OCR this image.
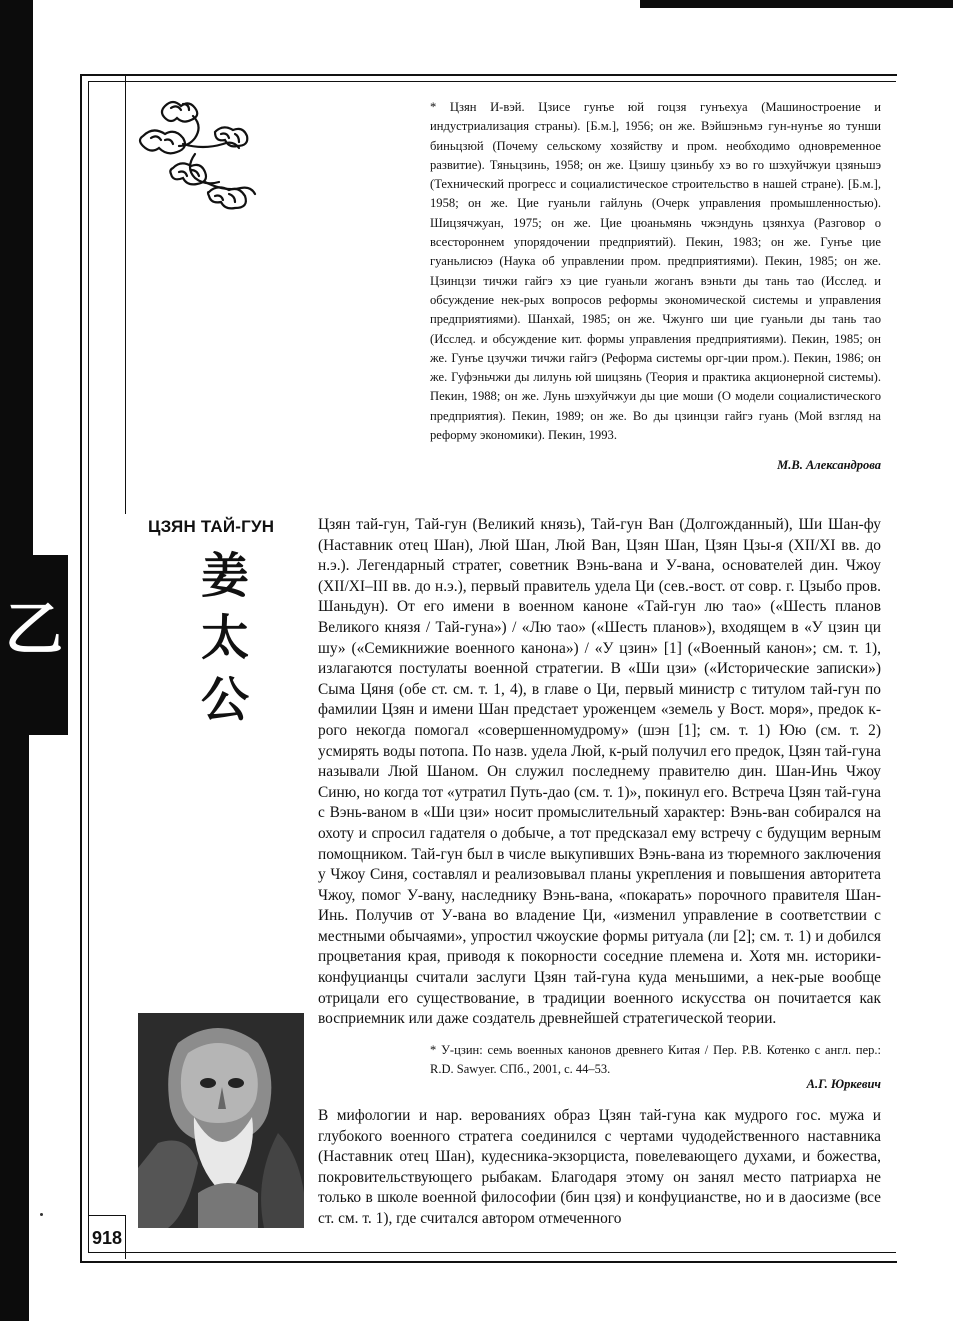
乙
918
* Цзян И-вэй. Цзисе гунъе юй гоцзя гунъехуа (Машиностроение и индустриализация страны). [Б.м.], 1956; он же. Вэйшэньмэ гун-нунъе яо тунши биньцзюй (Почему сельскому хозяйству и пром. необходимо одновременное развитие). Тяньцзинь, 1958; он же. Цзишу цзиньбу хэ во го шэхуйчжуи цзяньшэ (Технический прогресс и социалистическое строительство в нашей стране). [Б.м.], 1958; он же. Цие гуаньли гайлунь (Очерк управления промышленностью). Шицзячжуан, 1975; он же. Цие цюаньмянь чжэндунь цзянхуа (Разговор о всестороннем упорядочении предприятий). Пекин, 1983; он же. Гунъе цие гуаньлисюэ (Наука об управлении пром. предприятиями). Пекин, 1985; он же. Цзинцзи тичжи гайгэ хэ цие гуаньли жоганъ вэньти ды тань тао (Исслед. и обсуждение нек-рых вопросов реформы экономической системы и управления предприятиями). Шанхай, 1985; он же. Чжунго ши цие гуаньли ды тань тао (Исслед. и обсуждение кит. формы управления предприятиями). Пекин, 1985; он же. Гунъе цзучжи тичжи гайгэ (Реформа системы орг-ции пром.). Пекин, 1986; он же. Гуфэньчжи ды лилунь юй шицзянь (Теория и практика акционерной системы). Пекин, 1988; он же. Лунь шэхуйчжуи ды цие моши (О модели социалистического предприятия). Пекин, 1989; он же. Во ды цзинцзи гайгэ гуань (Мой взгляд на реформу экономики). Пекин, 1993.
М.В. Александрова
ЦЗЯН ТАЙ-ГУН
姜 太 公

Цзян тай-гун, Тай-гун (Великий князь), Тай-гун Ван (Долгожданный), Ши Шан-фу (Наставник отец Шан), Люй Шан, Люй Ван, Цзян Шан, Цзян Цзы-я (XII/XI вв. до н.э.). Легендарный стратег, советник Вэнь-вана и У-вана, основателей дин. Чжоу (XII/XI–III вв. до н.э.), первый правитель удела Ци (сев.-вост. от совр. г. Цзыбо пров. Шаньдун). От его имени в военном каноне «Тай-гун лю тао» («Шесть планов Великого князя / Тай-гуна») / «Лю тао» («Шесть планов»), входящем в «У цзин ци шу» («Семикнижие военного канона») / «У цзин» [1] («Военный канон»; см. т. 1), излагаются постулаты военной стратегии. В «Ши цзи» («Исторические записки») Сыма Цяня (обе ст. см. т. 1, 4), в главе о Ци, первый министр с титулом тай-гун по фамилии Цзян и имени Шан предстает уроженцем «земель у Вост. моря», предок к-рого некогда помогал «совершенномудрому» (шэн [1]; см. т. 1) Юю (см. т. 2) усмирять воды потопа. По назв. удела Люй, к-рый получил его предок, Цзян тай-гуна называли Люй Шаном. Он служил последнему правителю дин. Шан-Инь Чжоу Синю, но когда тот «утратил Путь-дао (см. т. 1)», покинул его. Встреча Цзян тай-гуна с Вэнь-ваном в «Ши цзи» носит промыслительный характер: Вэнь-ван собирался на охоту и спросил гадателя о добыче, а тот предсказал ему встречу с будущим верным помощником. Тай-гун был в числе выкупивших Вэнь-вана из тюремного заключения у Чжоу Синя, составлял и реализовывал планы укрепления и повышения авторитета Чжоу, помог У-вану, наследнику Вэнь-вана, «покарать» порочного правителя Шан-Инь. Получив от У-вана во владение Ци, «изменил управление в соответствии с местными обычаями», упростил чжоуские формы ритуала (ли [2]; см. т. 1) и добился процветания края, приводя к покорности соседние племена и. Хотя мн. историки-конфуцианцы считали заслуги Цзян тай-гуна куда меньшими, а нек-рые вообще отрицали его существование, в традиции военного искусства он почитается как восприемник или даже создатель древнейшей стратегической теории.

* У-цзин: семь военных канонов древнего Китая / Пер. Р.В. Котенко с англ. пер.: R.D. Sawyer. СПб., 2001, с. 44–53.
А.Г. Юркевич
В мифологии и нар. верованиях образ Цзян тай-гуна как мудрого гос. мужа и глубокого военного стратега соединился с чертами чудодейственного наставника (Наставник отец Шан), кудесника-экзорциста, повелевающего духами, и божества, покровительствующего рыбакам. Благодаря этому он занял место патриарха не только в школе военной философии (бин цзя) и конфуцианстве, но и в даосизме (все ст. см. т. 1), где считался автором отмеченного
